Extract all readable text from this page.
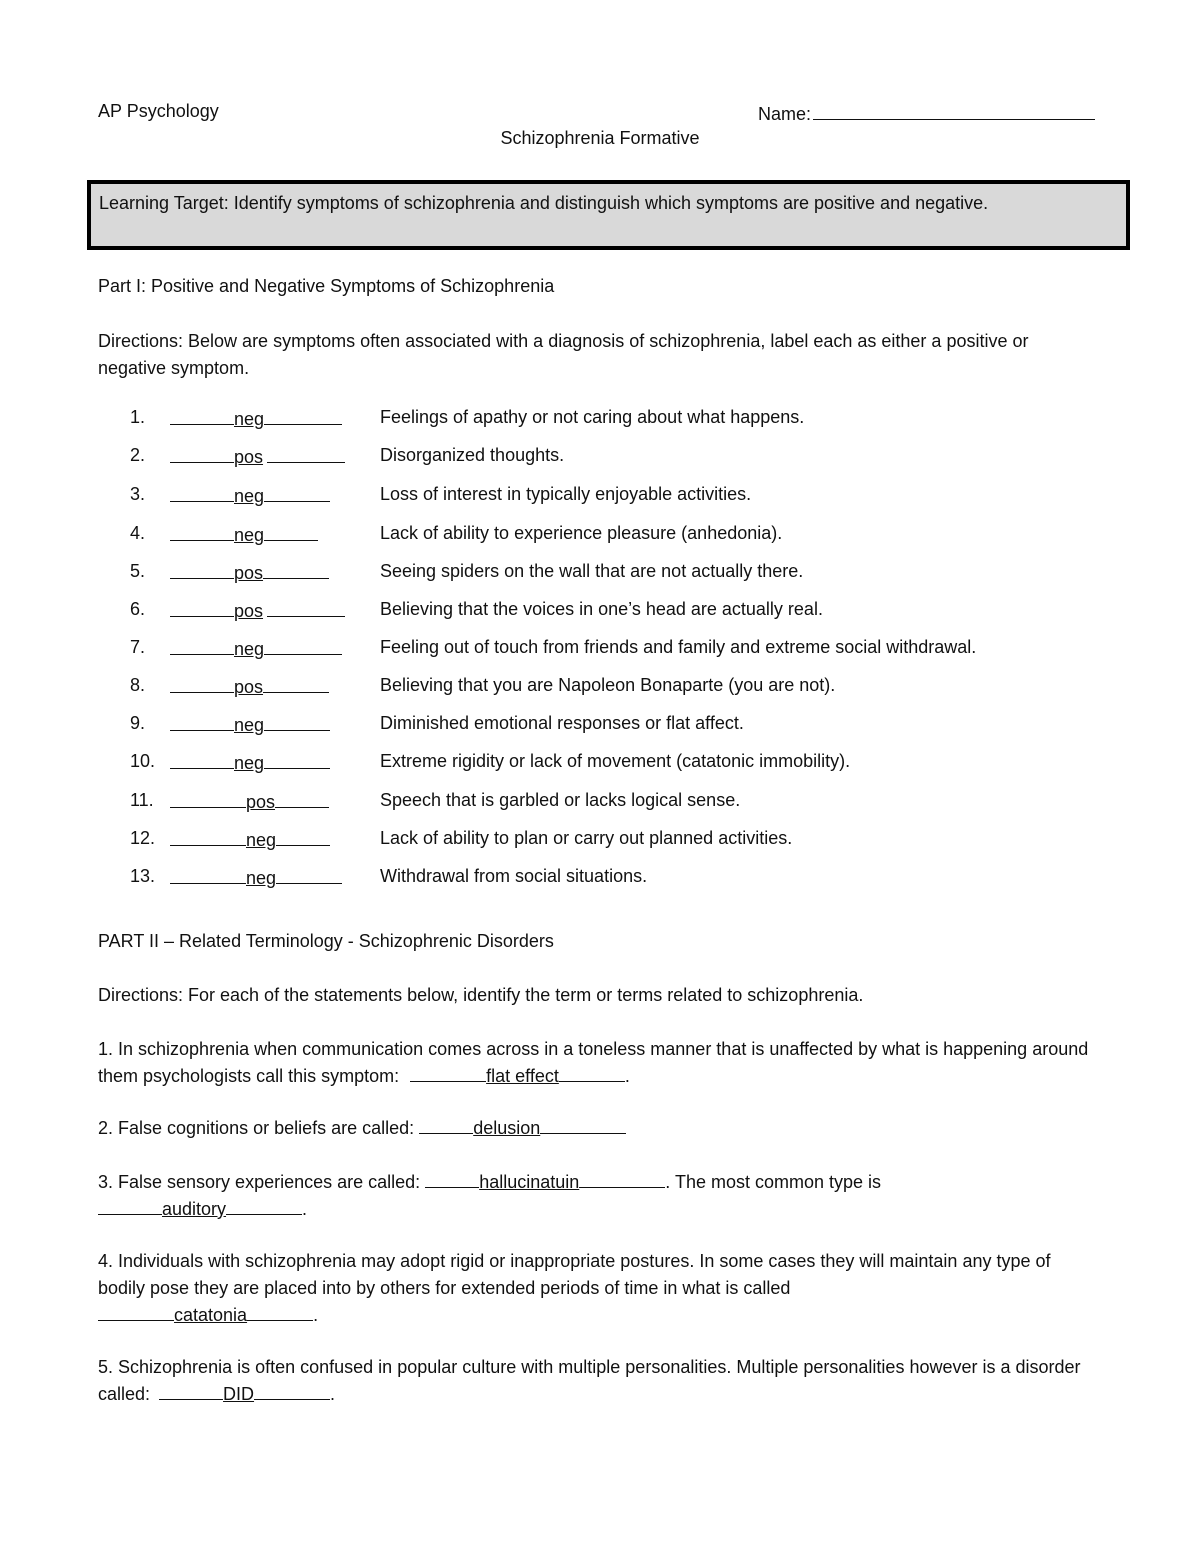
AP Psychology	Name:
Schizophrenia Formative
Learning Target: Identify symptoms of schizophrenia and distinguish which symptoms are positive and negative.
Part I: Positive and Negative Symptoms of Schizophrenia
Directions: Below are symptoms often associated with a diagnosis of schizophrenia, label each as either a positive or negative symptom.
1.	neg	Feelings of apathy or not caring about what happens.
2.	pos	Disorganized thoughts.
3.	neg	Loss of interest in typically enjoyable activities.
4.	neg	Lack of ability to experience pleasure (anhedonia).
5.	pos	Seeing spiders on the wall that are not actually there.
6.	pos	Believing that the voices in one’s head are actually real.
7.	neg	Feeling out of touch from friends and family and extreme social withdrawal.
8.	pos	Believing that you are Napoleon Bonaparte (you are not).
9.	neg	Diminished emotional responses or flat affect.
10.	neg	Extreme rigidity or lack of movement (catatonic immobility).
11.	pos	Speech that is garbled or lacks logical sense.
12.	neg	Lack of ability to plan or carry out planned activities.
13.	neg	Withdrawal from social situations.
PART II – Related Terminology - Schizophrenic Disorders
Directions: For each of the statements below, identify the term or terms related to schizophrenia.
1. In schizophrenia when communication comes across in a toneless manner that is unaffected by what is happening around them psychologists call this symptom:	flat effect	.
2. False cognitions or beliefs are called:	delusion
3. False sensory experiences are called:	hallucinatuin	. The most common type is
auditory	.
4. Individuals with schizophrenia may adopt rigid or inappropriate postures. In some cases they will maintain any type of bodily pose they are placed into by others for extended periods of time in what is called
catatonia	.
5. Schizophrenia is often confused in popular culture with multiple personalities. Multiple personalities however is a disorder called:	DID	.
